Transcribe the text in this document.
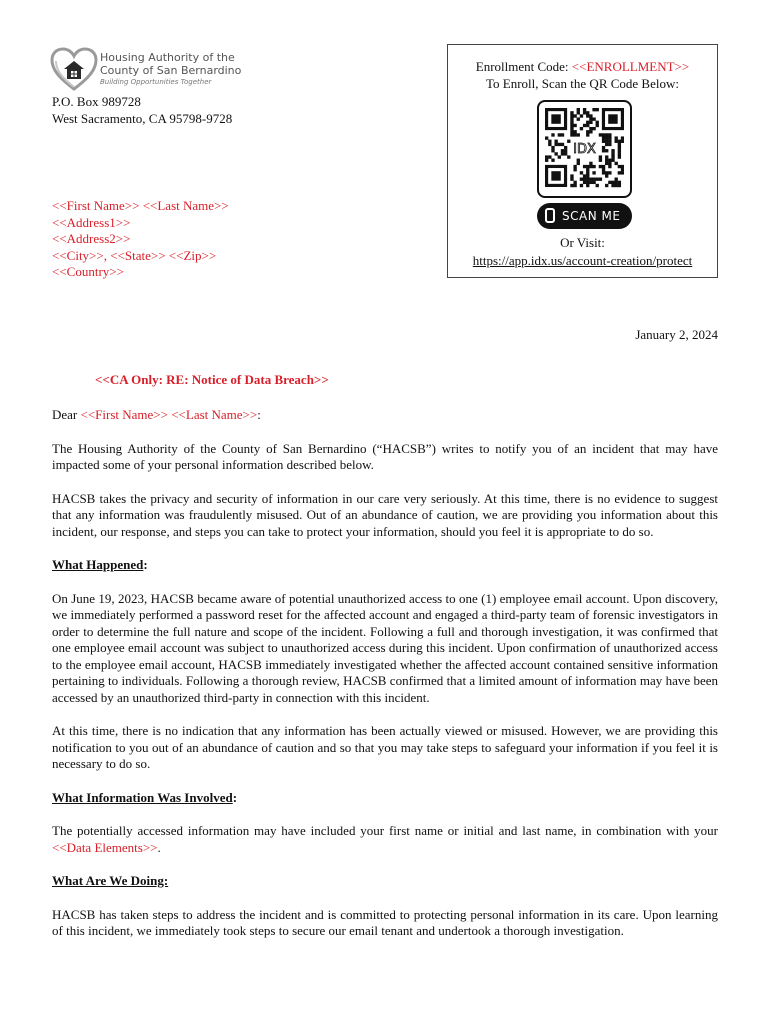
Housing Authority of the
County of San Bernardino
Building Opportunities Together
P.O. Box 989728
West Sacramento, CA 95798-9728
<<First Name>> <<Last Name>>
<<Address1>>
<<Address2>>
<<City>>, <<State>> <<Zip>>
<<Country>>
Enrollment Code: <<ENROLLMENT>>
To Enroll, Scan the QR Code Below:
IDX
SCAN ME
Or Visit:
https://app.idx.us/account-creation/protect
January 2, 2024
<<CA Only: RE: Notice of Data Breach>>

Dear <<First Name>> <<Last Name>>:

The Housing Authority of the County of San Bernardino (“HACSB”) writes to notify you of an incident that may have impacted some of your personal information described below.

HACSB takes the privacy and security of information in our care very seriously. At this time, there is no evidence to suggest that any information was fraudulently misused. Out of an abundance of caution, we are providing you information about this incident, our response, and steps you can take to protect your information, should you feel it is appropriate to do so.

What Happened:

On June 19, 2023, HACSB became aware of potential unauthorized access to one (1) employee email account. Upon discovery, we immediately performed a password reset for the affected account and engaged a third-party team of forensic investigators in order to determine the full nature and scope of the incident. Following a full and thorough investigation, it was confirmed that one employee email account was subject to unauthorized access during this incident. Upon confirmation of unauthorized access to the employee email account, HACSB immediately investigated whether the affected account contained sensitive information pertaining to individuals. Following a thorough review, HACSB confirmed that a limited amount of information may have been accessed by an unauthorized third-party in connection with this incident.

At this time, there is no indication that any information has been actually viewed or misused. However, we are providing this notification to you out of an abundance of caution and so that you may take steps to safeguard your information if you feel it is necessary to do so.

What Information Was Involved:

The potentially accessed information may have included your first name or initial and last name, in combination with your <<Data Elements>>.

What Are We Doing:

HACSB has taken steps to address the incident and is committed to protecting personal information in its care. Upon learning of this incident, we immediately took steps to secure our email tenant and undertook a thorough investigation.
